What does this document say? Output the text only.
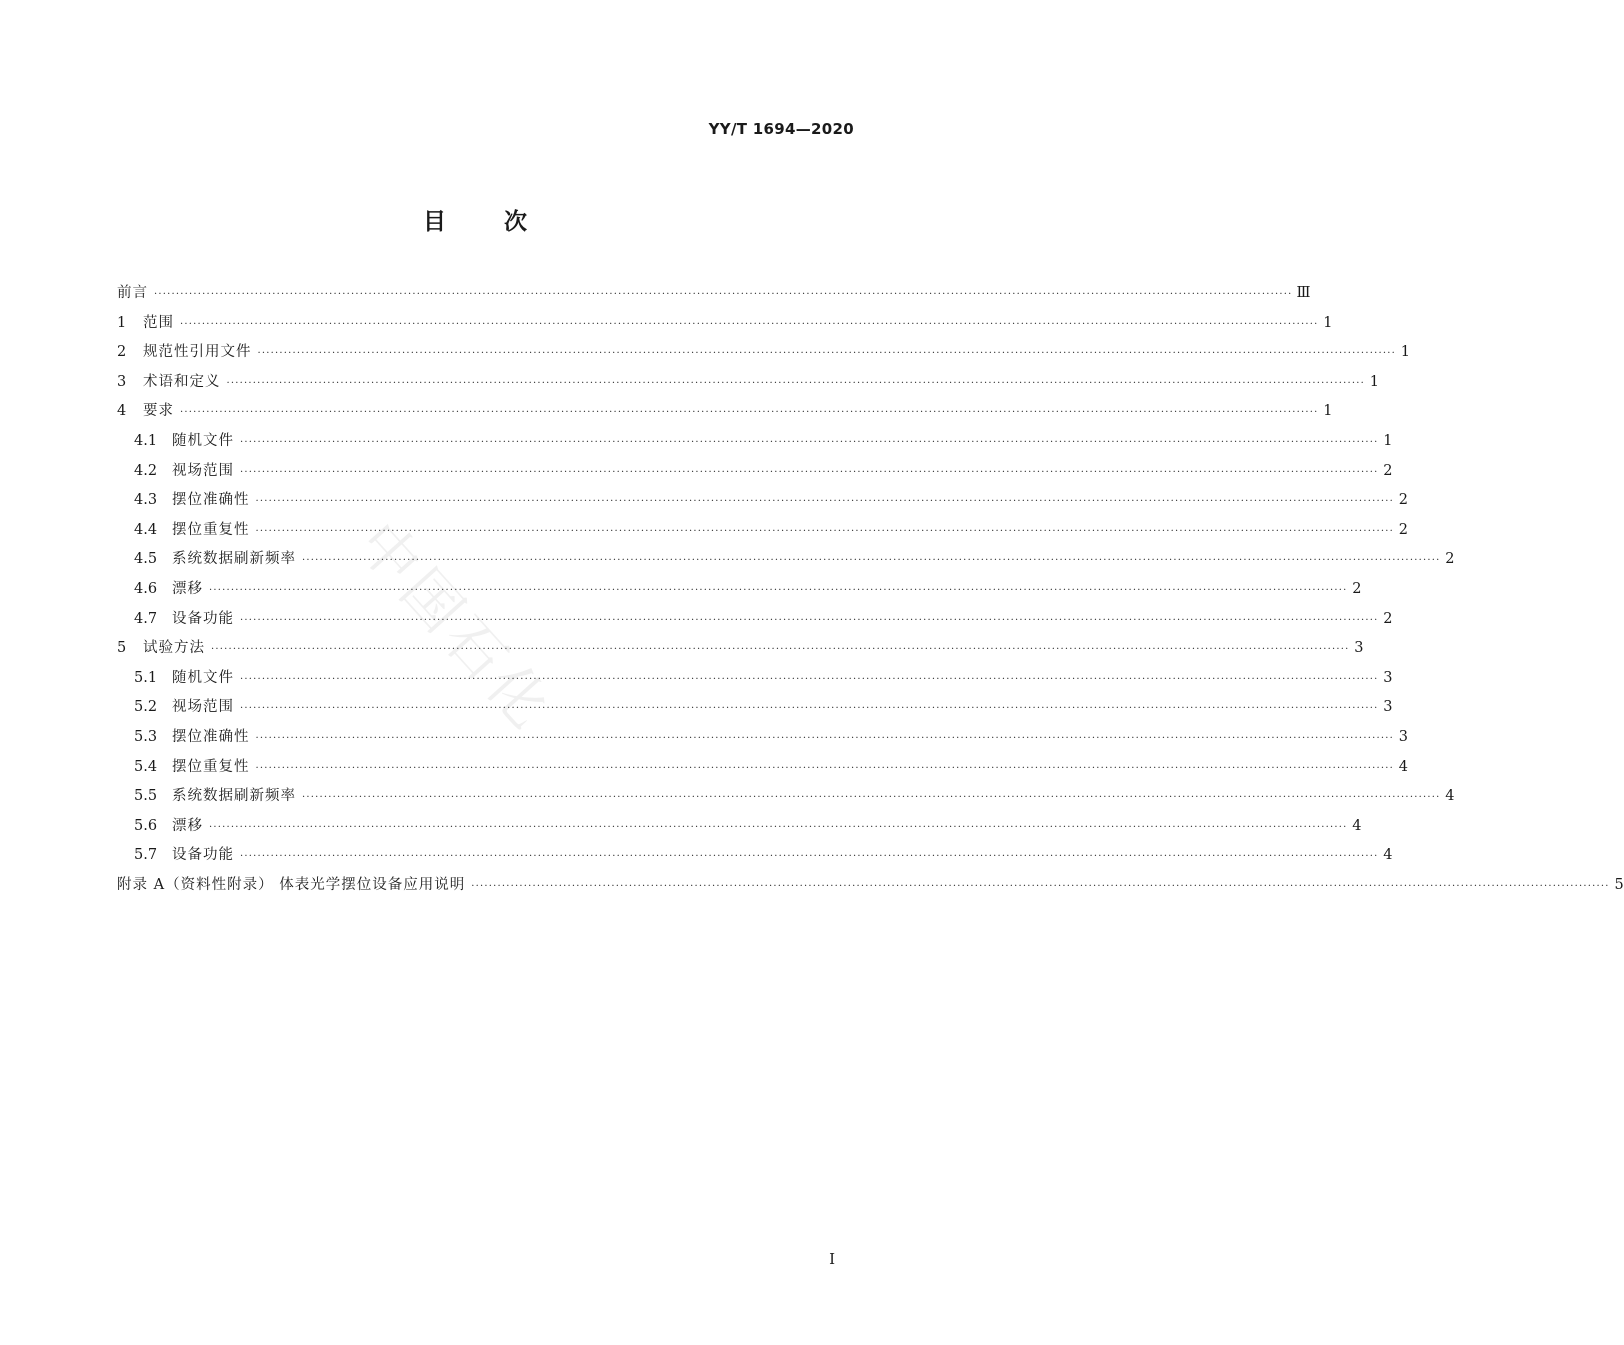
YY/T 1694—2020
目 次
前言 ···································································································································································································································································· Ⅲ
1	范围 ···································································································································································································································································· 1
2	规范性引用文件 ···································································································································································································································································· 1
3	术语和定义 ···································································································································································································································································· 1
4	要求 ···································································································································································································································································· 1
4.1	随机文件 ···································································································································································································································································· 1
4.2	视场范围 ···································································································································································································································································· 2
4.3	摆位准确性 ···································································································································································································································································· 2
4.4	摆位重复性 ···································································································································································································································································· 2
4.5	系统数据刷新频率 ···································································································································································································································································· 2
4.6	漂移 ···································································································································································································································································· 2
4.7	设备功能 ···································································································································································································································································· 2
5	试验方法 ···································································································································································································································································· 3
5.1	随机文件 ···································································································································································································································································· 3
5.2	视场范围 ···································································································································································································································································· 3
5.3	摆位准确性 ···································································································································································································································································· 3
5.4	摆位重复性 ···································································································································································································································································· 4
5.5	系统数据刷新频率 ···································································································································································································································································· 4
5.6	漂移 ···································································································································································································································································· 4
5.7	设备功能 ···································································································································································································································································· 4
附录 A（资料性附录） 体表光学摆位设备应用说明 ···································································································································································································································································· 5
中国石化
I
